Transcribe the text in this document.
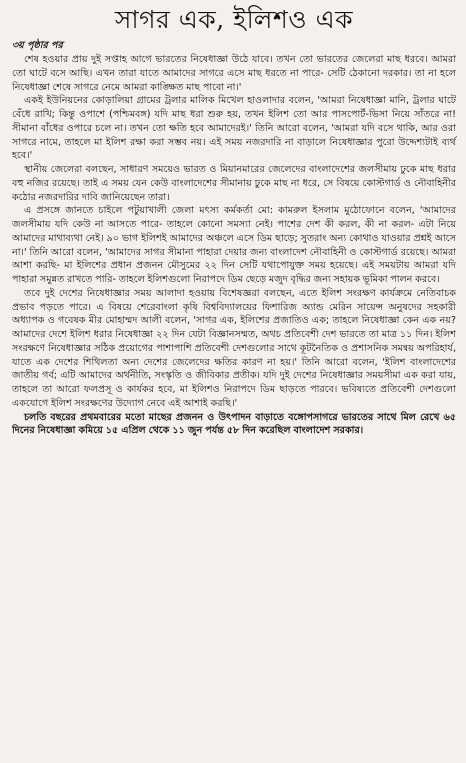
সাগর এক, ইলিশও এক
৩য় পৃষ্ঠার পর

শেষ হওয়ার প্রায় দুই সপ্তাহ আগে ভারতের নিষেধাজ্ঞা উঠে যাবে। তখন তো ভারতের জেলেরা মাছ ধরবে। আমরা তো ঘাটে বসে আছি। এখন তারা যাতে আমাদের সাগরে এসে মাছ ধরতে না পারে- সেটি ঠেকানো দরকার। তা না হলে নিষেধাজ্ঞা শেষে সাগরে নেমে আমরা কাঙ্ক্ষিত মাছ পাবো না।'

একই ইউনিয়নের কোড়ালিয়া গ্রামের ট্রলার মালিক মিখেল হাওলাদার বলেন, 'আমরা নিষেধাজ্ঞা মানি, ট্রলার ঘাটে বেঁধে রাখি; কিন্তু ওপাশে (পশ্চিমবঙ্গ) যদি মাছ ধরা শুরু হয়, তখন ইলিশ তো আর পাসপোর্ট-ভিসা নিয়ে সাঁতরে না! সীমানা বাঁধের ওপারে চলে না। তখন তো ক্ষতি হবে আমাদেরই।' তিনি আরো বলেন, 'আমরা যদি বসে থাকি, আর ওরা সাগরে নামে, তাহলে মা ইলিশ রক্ষা করা সম্ভব নয়। এই সময় নজরদারি না বাড়ালে নিষেধাজ্ঞার পুরো উদ্দেশ্যটাই ব্যর্থ হবে।'

স্থানীয় জেলেরা বলছেন, সাধারণ সময়েও ভারত ও মিয়ানমারের জেলেদের বাংলাদেশের জলসীমায় ঢুকে মাছ ধরার বহু নজির রয়েছে। তাই এ সময় যেন কেউ বাংলাদেশের সীমানায় ঢুকে মাছ না ধরে, সে বিষয়ে কোস্টগার্ড ও নৌবাহিনীর কঠোর নজরদারির দাবি জানিয়েছেন তারা।

এ প্রসঙ্গে জানতে চাইলে পটুয়াখালী জেলা মৎস্য কর্মকর্তা মো: কামরুল ইসলাম মুঠোফোনে বলেন, 'আমাদের জলসীমায় যদি কেউ না আসতে পারে- তাহলে কোনো সমস্যা নেই। পাশের দেশ কী করল, কী না করল- এটা নিয়ে আমাদের মাথাব্যথা নেই। ৯০ ভাগ ইলিশই আমাদের অঞ্চলে এসে ডিম ছাড়ে; সুতরাং অন্য কোথাও যাওয়ার প্রশ্নই আসে না।' তিনি আরো বলেন, 'আমাদের সাগর সীমানা পাহারা দেয়ার জন্য বাংলাদেশ নৌবাহিনী ও কোস্টগার্ড রয়েছে। আমরা আশা করছি- মা ইলিশের প্রধান প্রজনন মৌসুমের ২২ দিন সেটি যথাপোযুক্ত সময় হয়েছে। এই সময়টায় আমরা যদি পাহারা সমুন্নত রাখতে পারি- তাহলে ইলিশগুলো নিরাপদে ডিম ছেড়ে মজুদ বৃদ্ধির জন্য সহায়ক ভূমিকা পালন করবে।

তবে দুই দেশের নিষেধাজ্ঞার সময় আলাদা হওয়ায় বিশেষজ্ঞরা বলছেন, এতে ইলিশ সংরক্ষণ কার্যক্রমে নেতিবাচক প্রভাব পড়তে পারে। এ বিষয়ে শেরেবাংলা কৃষি বিশ্ববিদ্যালয়ের ফিশারিজ অ্যান্ড মেরিন সায়েন্স অনুষদের সহকারী অধ্যাপক ও গবেষক মীর মোহাম্মদ আলী বলেন, 'সাগর এক, ইলিশের প্রজাতিও এক; তাহলে নিষেধাজ্ঞা কেন এক নয়? আমাদের দেশে ইলিশ ধরার নিষেধাজ্ঞা ২২ দিন যেটা বিজ্ঞানসম্মত, অথচ প্রতিবেশী দেশ ভারতে তা মাত্র ১১ দিন। ইলিশ সংরক্ষণে নিষেধাজ্ঞার সঠিক প্রয়োগের পাশাপাশি প্রতিবেশী দেশগুলোর সাথে কূটনৈতিক ও প্রশাসনিক সমন্বয় অপরিহার্য, যাতে এক দেশের শিথিলতা অন্য দেশের জেলেদের ক্ষতির কারণ না হয়।' তিনি আরো বলেন, 'ইলিশ বাংলাদেশের জাতীয় গর্ব; এটি আমাদের অর্থনীতি, সংস্কৃতি ও জীবিকার প্রতীক। যদি দুই দেশের নিষেধাজ্ঞার সময়সীমা এক করা যায়, তাহলে তা আরো ফলপ্রসূ ও কার্যকর হবে, মা ইলিশও নিরাপদে ডিম ছাড়তে পারবে। ভবিষ্যতে প্রতিবেশী দেশগুলো একযোগে ইলিশ সংরক্ষণের উদ্যোগ নেবে এই আশাই করছি।'

চলতি বছরের প্রথমবারের মতো মাছের প্রজনন ও উৎপাদন বাড়াতে বঙ্গোপসাগরে ভারতের সাথে মিল রেখে ৬৫ দিনের নিষেধাজ্ঞা কমিয়ে ১৫ এপ্রিল থেকে ১১ জুন পর্যন্ত ৫৮ দিন করেছিল বাংলাদেশ সরকার।
